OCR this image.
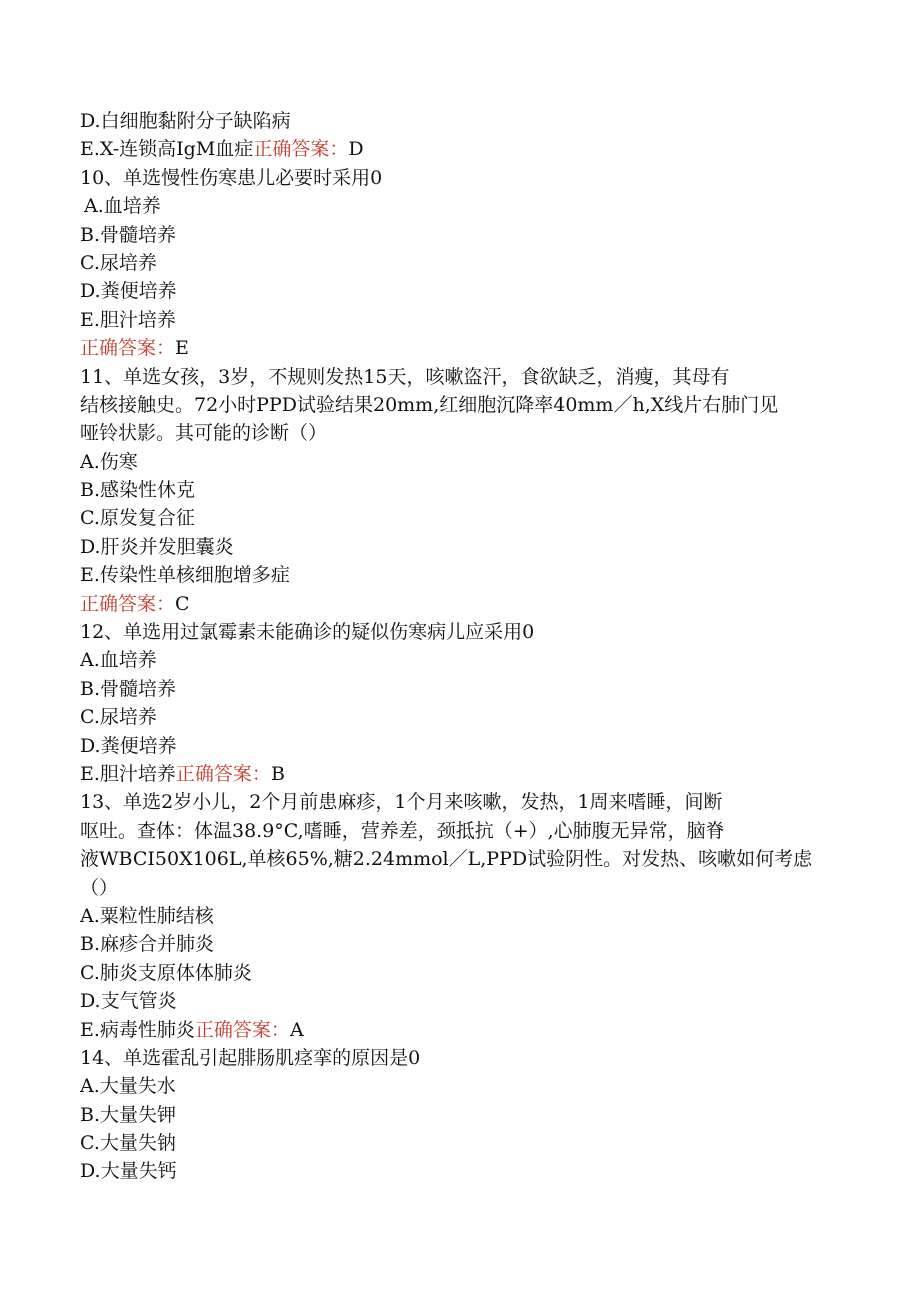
D.白细胞黏附分子缺陷病
E.X-连锁高IgM血症正确答案：D
10、单选慢性伤寒患儿必要时采用0
A.血培养
B.骨髓培养
C.尿培养
D.粪便培养
E.胆汁培养
正确答案：E
11、单选女孩，3岁，不规则发热15天，咳嗽盗汗，食欲缺乏，消瘦，其母有
结核接触史。72小时PPD试验结果20mm,红细胞沉降率40mm／h,X线片右肺门见
哑铃状影。其可能的诊断（）
A.伤寒
B.感染性休克
C.原发复合征
D.肝炎并发胆囊炎
E.传染性单核细胞增多症
正确答案：C
12、单选用过氯霉素未能确诊的疑似伤寒病儿应采用0
A.血培养
B.骨髓培养
C.尿培养
D.粪便培养
E.胆汁培养正确答案：B
13、单选2岁小儿，2个月前患麻疹，1个月来咳嗽，发热，1周来嗜睡，间断
呕吐。查体：体温38.9°C,嗜睡，营养差，颈抵抗（+）,心肺腹无异常，脑脊
液WBCI50X106L,单核65%,糖2.24mmol／L,PPD试验阴性。对发热、咳嗽如何考虑
（）
A.粟粒性肺结核
B.麻疹合并肺炎
C.肺炎支原体体肺炎
D.支气管炎
E.病毒性肺炎正确答案：A
14、单选霍乱引起腓肠肌痉挛的原因是0
A.大量失水
B.大量失钾
C.大量失钠
D.大量失钙
